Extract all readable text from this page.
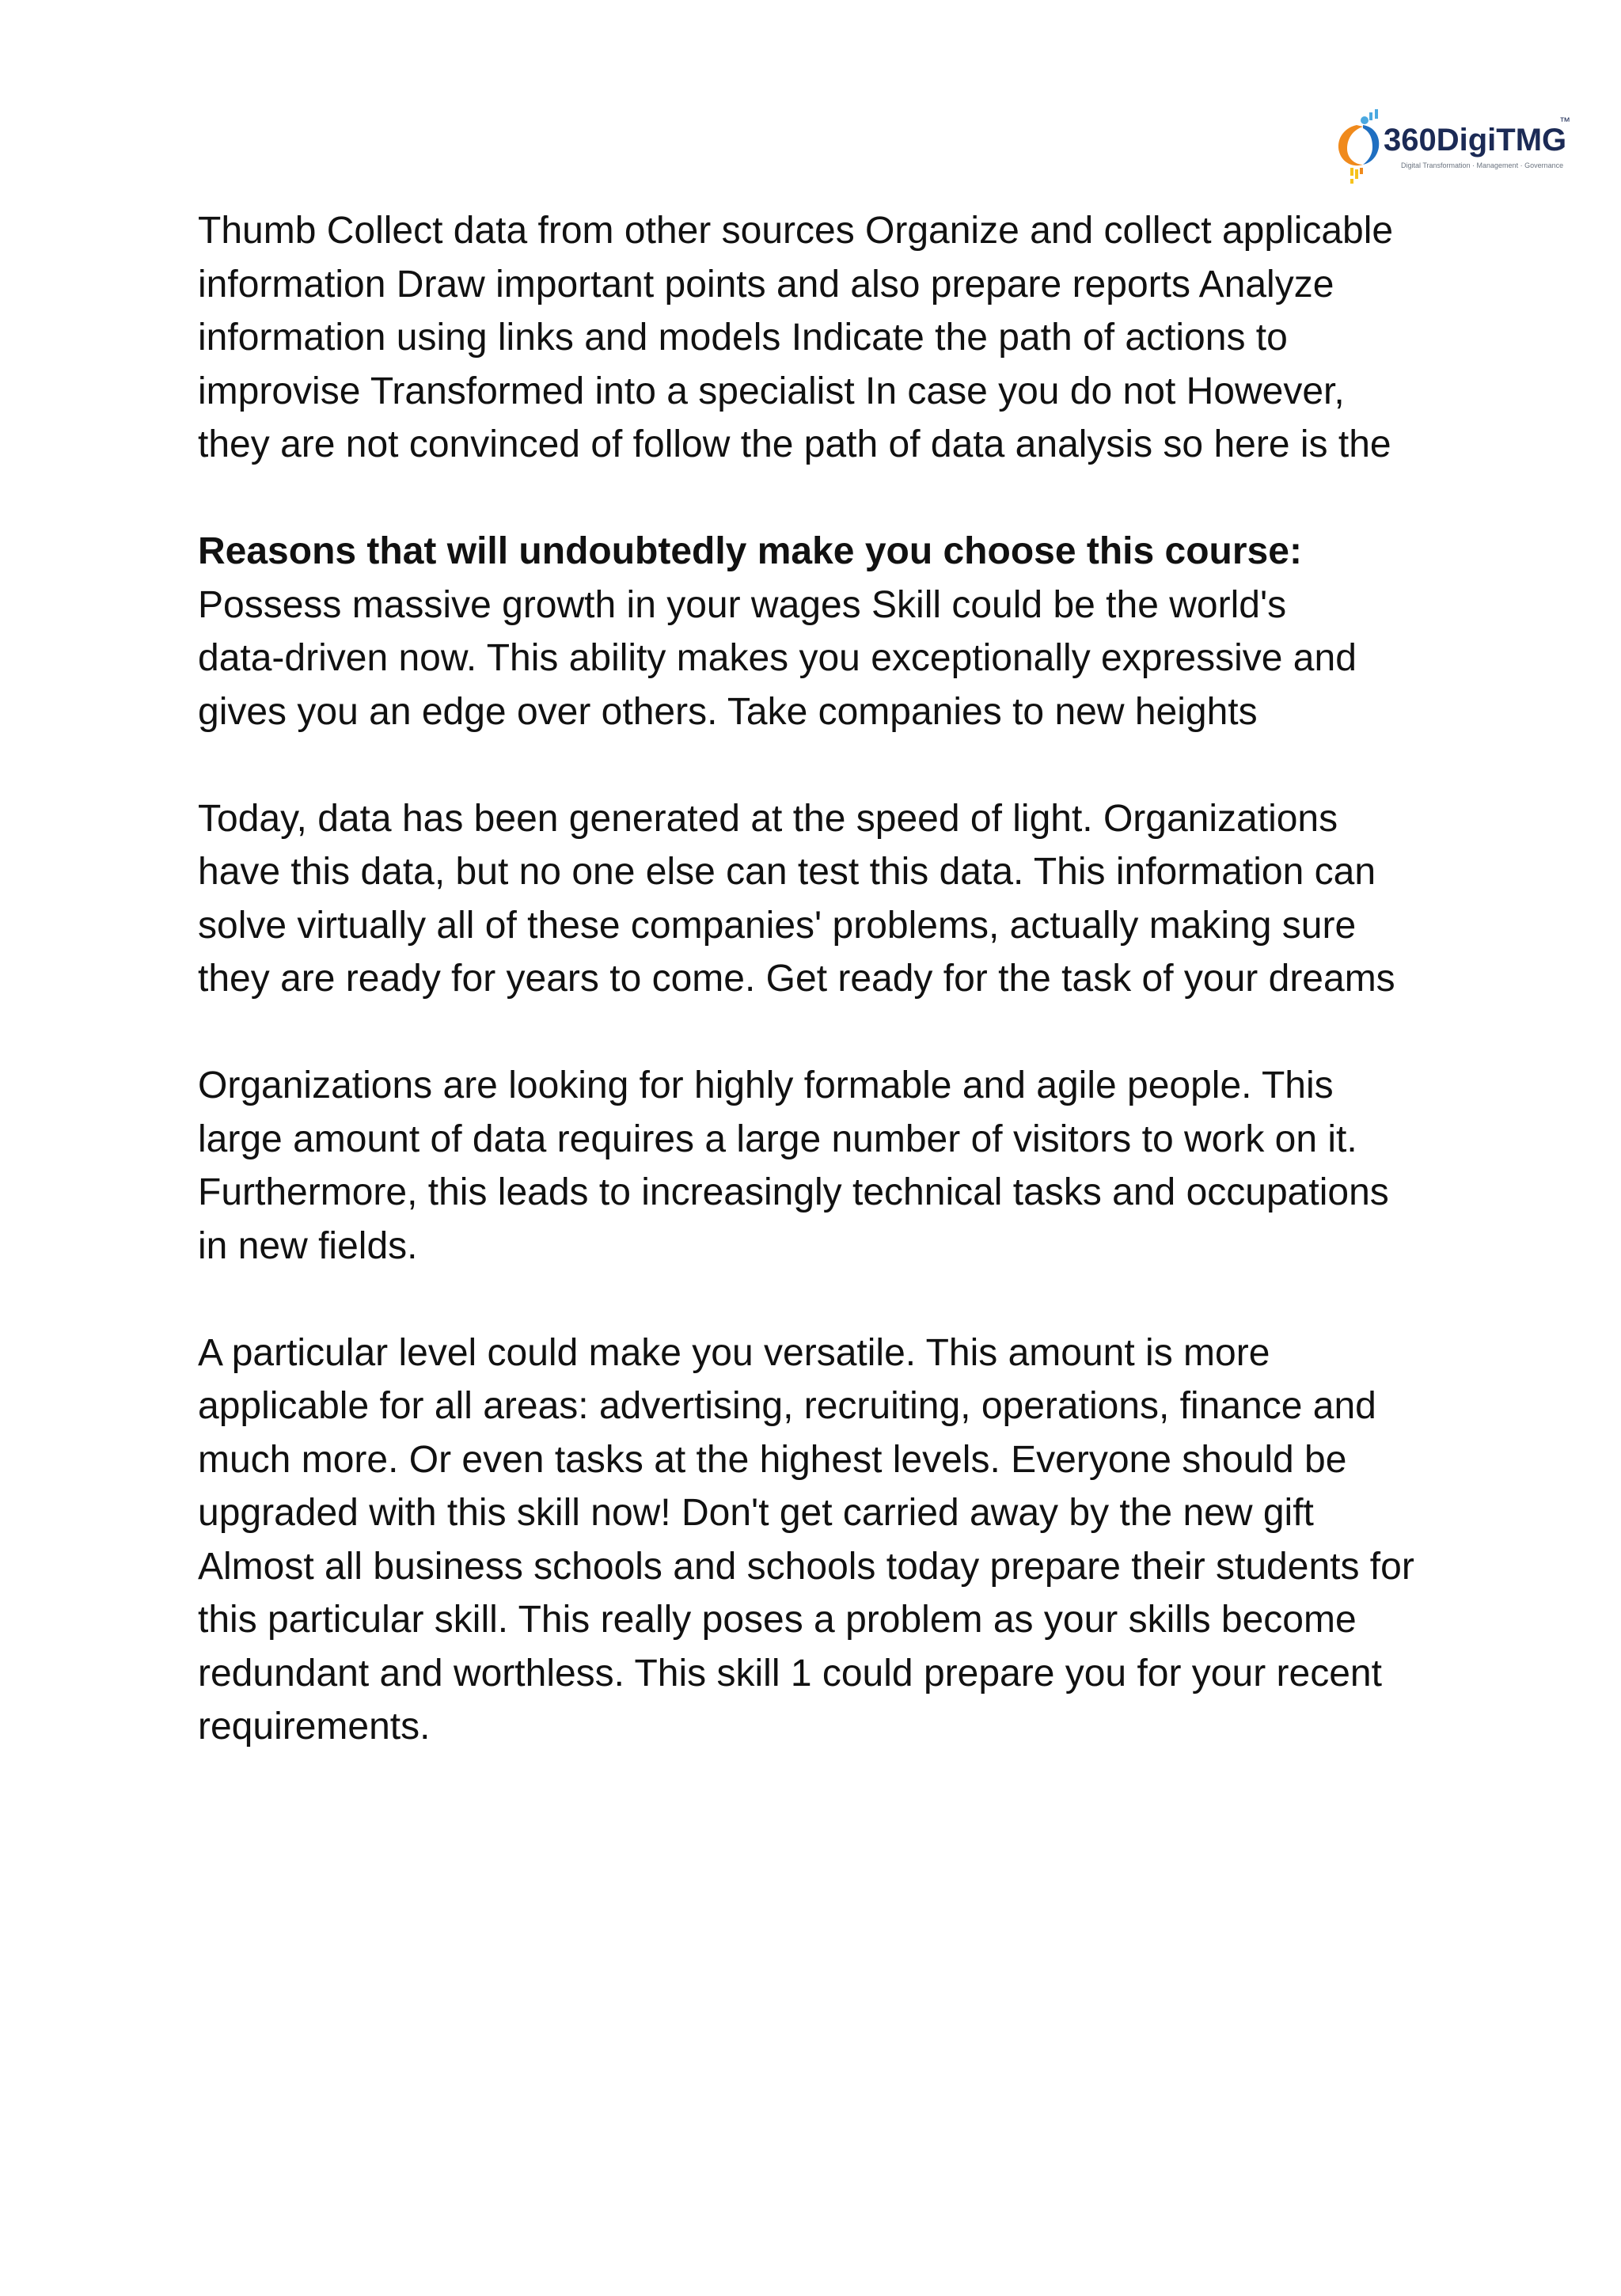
360DigiTMG
™
Digital Transformation · Management · Governance

Thumb Collect data from other sources Organize and collect applicable
information Draw important points and also prepare reports Analyze
information using links and models Indicate the path of actions to
improvise Transformed into a specialist In case you do not However,
they are not convinced of follow the path of data analysis so here is the

Reasons that will undoubtedly make you choose this course:
Possess massive growth in your wages Skill could be the world's
data-driven now. This ability makes you exceptionally expressive and
gives you an edge over others. Take companies to new heights

Today, data has been generated at the speed of light. Organizations
have this data, but no one else can test this data. This information can
solve virtually all of these companies' problems, actually making sure
they are ready for years to come. Get ready for the task of your dreams

Organizations are looking for highly formable and agile people. This
large amount of data requires a large number of visitors to work on it.
Furthermore, this leads to increasingly technical tasks and occupations
in new fields.

A particular level could make you versatile. This amount is more
applicable for all areas: advertising, recruiting, operations, finance and
much more. Or even tasks at the highest levels. Everyone should be
upgraded with this skill now! Don't get carried away by the new gift
Almost all business schools and schools today prepare their students for
this particular skill. This really poses a problem as your skills become
redundant and worthless. This skill 1 could prepare you for your recent
requirements.
